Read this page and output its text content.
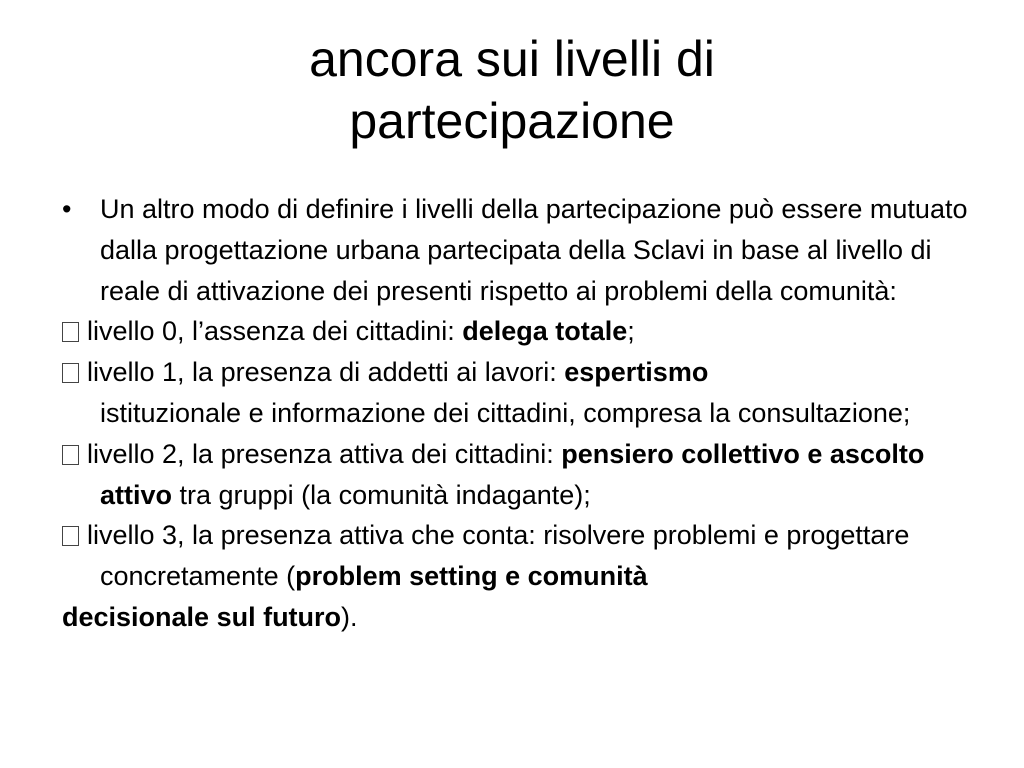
ancora sui livelli di
partecipazione
•	Un altro modo di definire i livelli della partecipazione può essere mutuato dalla progettazione urbana partecipata della Sclavi in base al livello di reale di attivazione dei presenti rispetto ai problemi della comunità:
livello 0, l’assenza dei cittadini: delega totale;
livello 1, la presenza di addetti ai lavori: espertismo
istituzionale e informazione dei cittadini, compresa la consultazione;
livello 2, la presenza attiva dei cittadini: pensiero collettivo e ascolto attivo tra gruppi (la comunità indagante);
livello 3, la presenza attiva che conta: risolvere problemi e progettare concretamente (problem setting e comunità
decisionale sul futuro).
